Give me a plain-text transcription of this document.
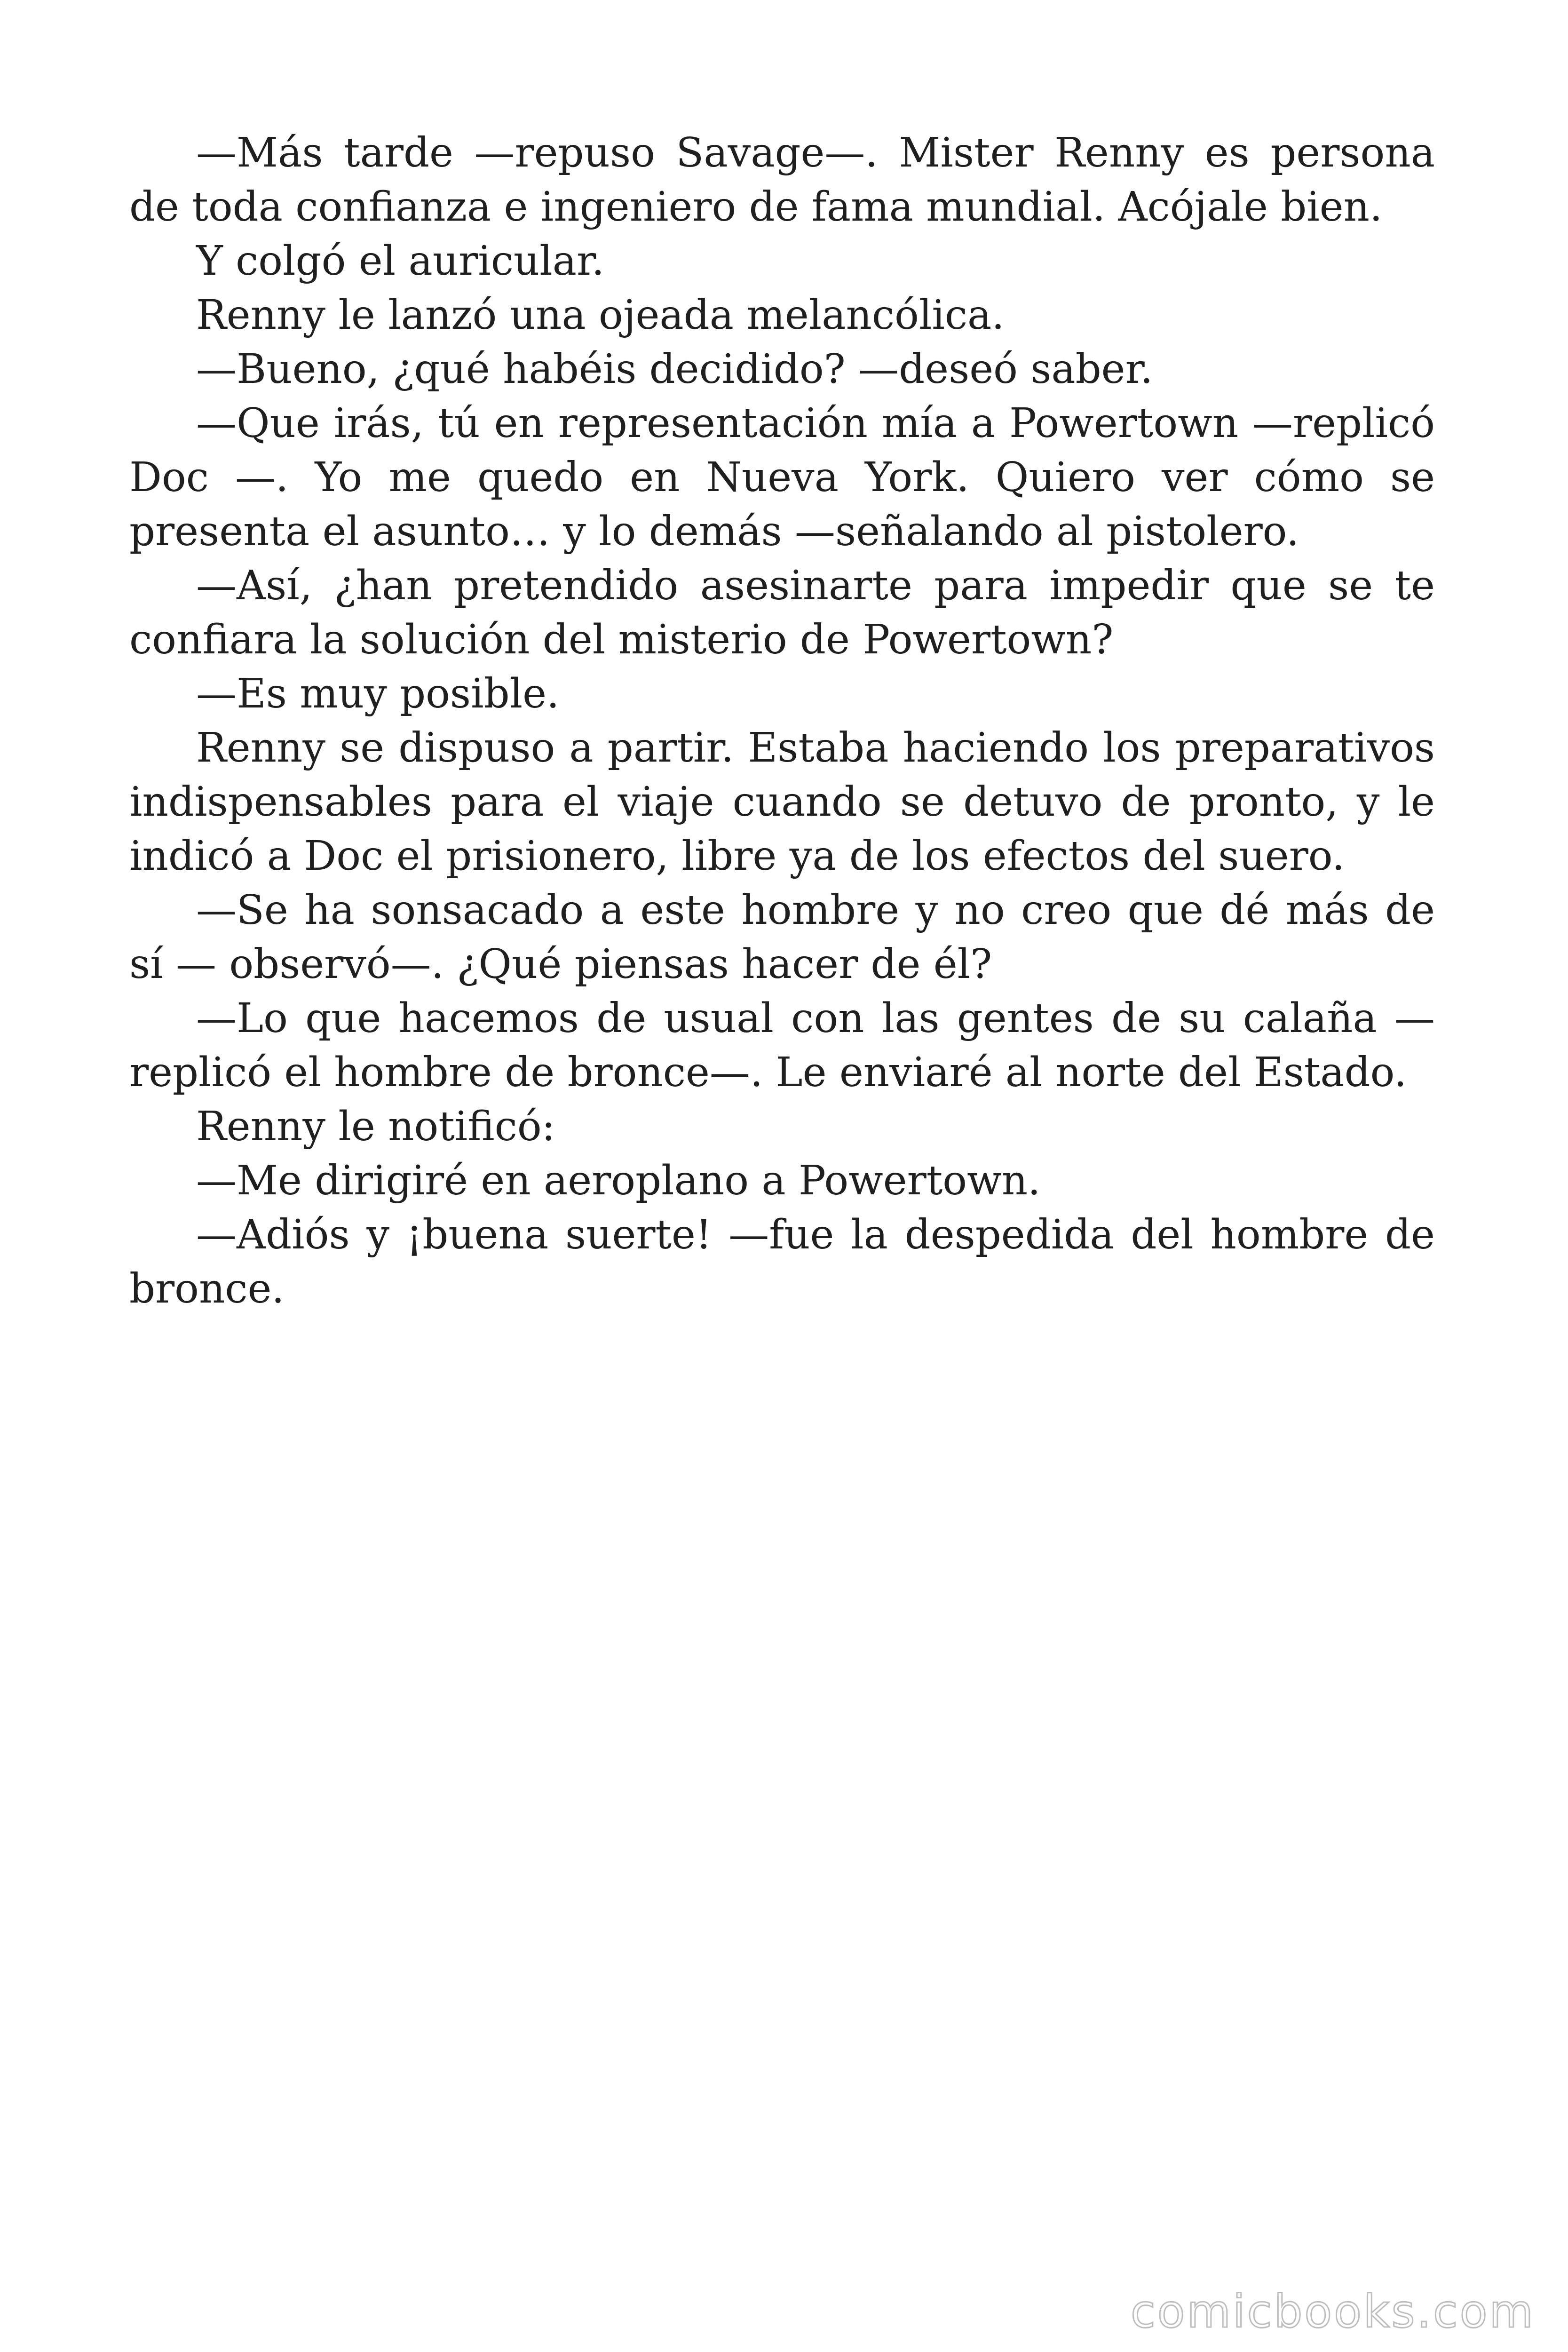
—Más tarde —repuso Savage—. Mister Renny es persona de toda confianza e ingeniero de fama mundial. Acójale bien.

Y colgó el auricular.

Renny le lanzó una ojeada melancólica.

—Bueno, ¿qué habéis decidido? —deseó saber.

—Que irás, tú en representación mía a Powertown —replicó Doc —. Yo me quedo en Nueva York. Quiero ver cómo se presenta el asunto… y lo demás —señalando al pistolero.

—Así, ¿han pretendido asesinarte para impedir que se te confiara la solución del misterio de Powertown?

—Es muy posible.

Renny se dispuso a partir. Estaba haciendo los preparativos indispensables para el viaje cuando se detuvo de pronto, y le indicó a Doc el prisionero, libre ya de los efectos del suero.

—Se ha sonsacado a este hombre y no creo que dé más de sí — observó—. ¿Qué piensas hacer de él?

—Lo que hacemos de usual con las gentes de su calaña —replicó el hombre de bronce—. Le enviaré al norte del Estado.

Renny le notificó:

—Me dirigiré en aeroplano a Powertown.

—Adiós y ¡buena suerte! —fue la despedida del hombre de bronce.

comicbooks.com
